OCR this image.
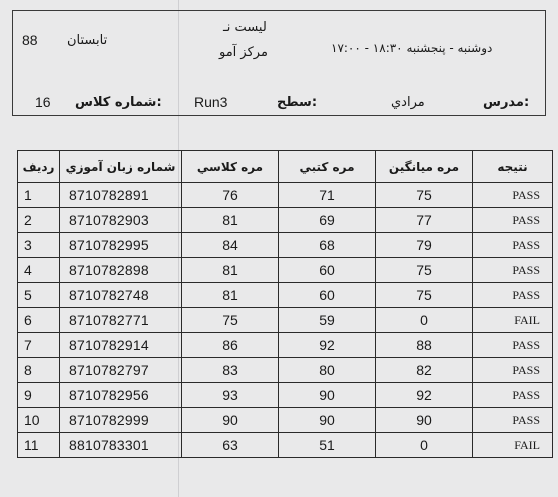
لیست نـ
مرکز آمو
تابستان
88	دوشنبه - پنجشنبه ۱۸:۳۰ - ۱۷:۰۰
مدرس:
مرادي
سطح:
Run3
شماره كلاس:
16
ردیف	شماره زبان آموزي	مره كلاسي	مره كتبي	مره ميانگين	نتيجه
1	8710782891	76	71	75	PASS
2	8710782903	81	69	77	PASS
3	8710782995	84	68	79	PASS
4	8710782898	81	60	75	PASS
5	8710782748	81	60	75	PASS
6	8710782771	75	59	0	FAIL
7	8710782914	86	92	88	PASS
8	8710782797	83	80	82	PASS
9	8710782956	93	90	92	PASS
10	8710782999	90	90	90	PASS
11	8810783301	63	51	0	FAIL
